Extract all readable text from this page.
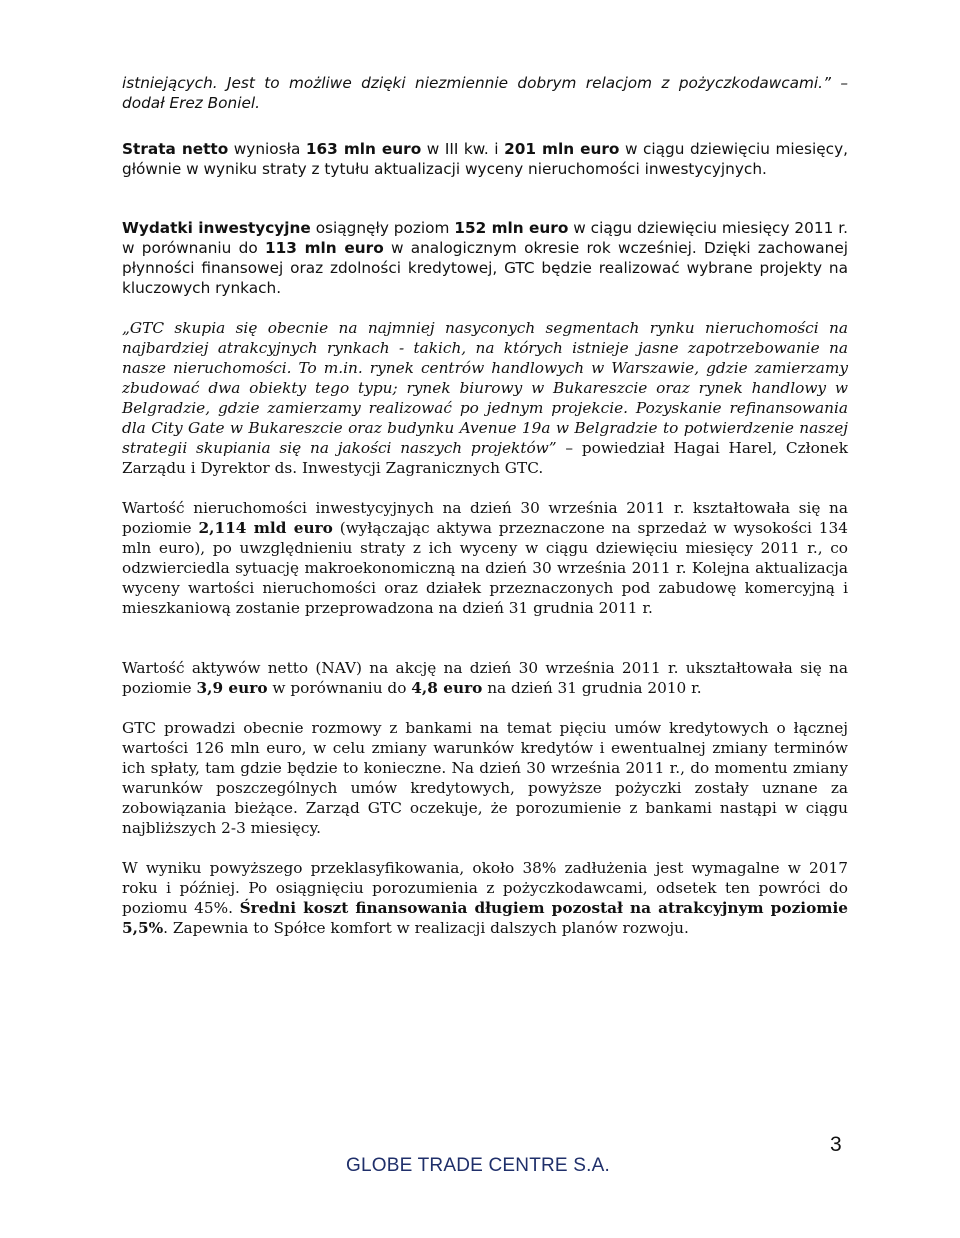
istniejących. Jest to możliwe dzięki niezmiennie dobrym relacjom z pożyczkodawcami.” – dodał Erez Boniel.

Strata netto wyniosła 163 mln euro w III kw. i 201 mln euro w ciągu dziewięciu miesięcy, głównie w wyniku straty z tytułu aktualizacji wyceny nieruchomości inwestycyjnych.

Wydatki inwestycyjne osiągnęły poziom 152 mln euro w ciągu dziewięciu miesięcy 2011 r. w porównaniu do 113 mln euro w analogicznym okresie rok wcześniej. Dzięki zachowanej płynności finansowej oraz zdolności kredytowej, GTC będzie realizować wybrane projekty na kluczowych rynkach.

„GTC skupia się obecnie na najmniej nasyconych segmentach rynku nieruchomości na najbardziej atrakcyjnych rynkach - takich, na których istnieje jasne zapotrzebowanie na nasze nieruchomości. To m.in. rynek centrów handlowych w Warszawie, gdzie zamierzamy zbudować dwa obiekty tego typu; rynek biurowy w Bukareszcie oraz rynek handlowy w Belgradzie, gdzie zamierzamy realizować po jednym projekcie. Pozyskanie refinansowania dla City Gate w Bukareszcie oraz budynku Avenue 19a w Belgradzie to potwierdzenie naszej strategii skupiania się na jakości naszych projektów” – powiedział Hagai Harel, Członek Zarządu i Dyrektor ds. Inwestycji Zagranicznych GTC.

Wartość nieruchomości inwestycyjnych na dzień 30 września 2011 r. kształtowała się na poziomie 2,114 mld euro (wyłączając aktywa przeznaczone na sprzedaż w wysokości 134 mln euro), po uwzględnieniu straty z ich wyceny w ciągu dziewięciu miesięcy 2011 r., co odzwierciedla sytuację makroekonomiczną na dzień 30 września 2011 r. Kolejna aktualizacja wyceny wartości nieruchomości oraz działek przeznaczonych pod zabudowę komercyjną i mieszkaniową zostanie przeprowadzona na dzień 31 grudnia 2011 r.

Wartość aktywów netto (NAV) na akcję na dzień 30 września 2011 r. ukształtowała się na poziomie 3,9 euro w porównaniu do 4,8 euro na dzień 31 grudnia 2010 r.

GTC prowadzi obecnie rozmowy z bankami na temat pięciu umów kredytowych o łącznej wartości 126 mln euro, w celu zmiany warunków kredytów i ewentualnej zmiany terminów ich spłaty, tam gdzie będzie to konieczne. Na dzień 30 września 2011 r., do momentu zmiany warunków poszczególnych umów kredytowych, powyższe pożyczki zostały uznane za zobowiązania bieżące. Zarząd GTC oczekuje, że porozumienie z bankami nastąpi w ciągu najbliższych 2-3 miesięcy.

W wyniku powyższego przeklasyfikowania, około 38% zadłużenia jest wymagalne w 2017 roku i później. Po osiągnięciu porozumienia z pożyczkodawcami, odsetek ten powróci do poziomu 45%. Średni koszt finansowania długiem pozostał na atrakcyjnym poziomie 5,5%. Zapewnia to Spółce komfort w realizacji dalszych planów rozwoju.

3
GLOBE TRADE CENTRE S.A.
